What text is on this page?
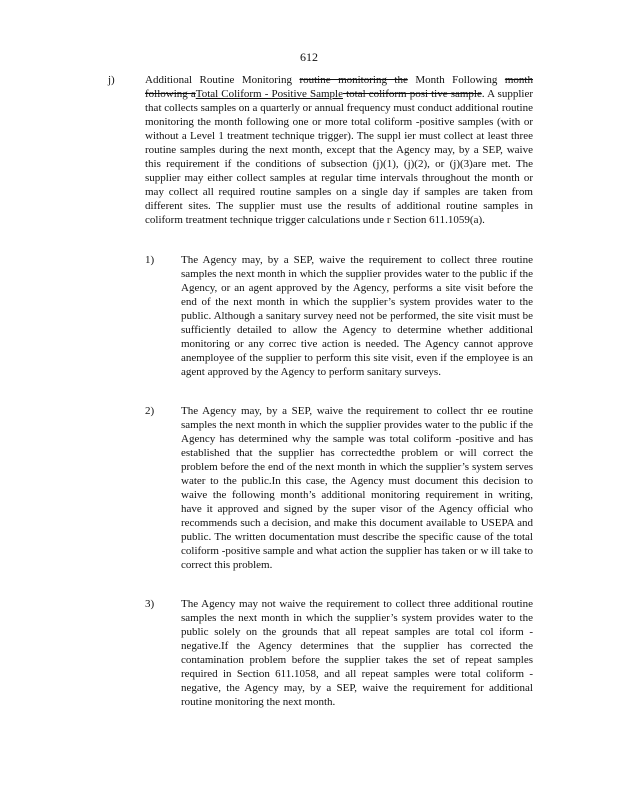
612
j)	Additional Routine Monitoring routine monitoring the Month Following month following aTotal Coliform - Positive Sample total coliform posi tive sample. A supplier that collects samples on a quarterly or annual frequency must conduct additional routine monitoring the month following one or more total coliform -positive samples (with or without a Level 1 treatment technique trigger). The suppl ier must collect at least three routine samples during the next month, except that the Agency may, by a SEP, waive this requirement if the conditions of subsection (j)(1), (j)(2), or (j)(3)are met. The supplier may either collect samples at regular time intervals throughout the month or may collect all required routine samples on a single day if samples are taken from different sites. The supplier must use the results of additional routine samples in coliform treatment technique trigger calculations unde r Section 611.1059(a).
1) The Agency may, by a SEP, waive the requirement to collect three routine samples the next month in which the supplier provides water to the public if the Agency, or an agent approved by the Agency, performs a site visit before the end of the next month in which the supplier’s system provides water to the public. Although a sanitary survey need not be performed, the site visit must be sufficiently detailed to allow the Agency to determine whether additional monitoring or any correc tive action is needed. The Agency cannot approve anemployee of the supplier to perform this site visit, even if the employee is an agent approved by the Agency to perform sanitary surveys.

2) The Agency may, by a SEP, waive the requirement to collect thr ee routine samples the next month in which the supplier provides water to the public if the Agency has determined why the sample was total coliform -positive and has established that the supplier has correctedthe problem or will correct the problem before the end of the next month in which the supplier’s system serves water to the public.In this case, the Agency must document this decision to waive the following month’s additional monitoring requirement in writing, have it approved and signed by the super visor of the Agency official who recommends such a decision, and make this document available to USEPA and public. The written documentation must describe the specific cause of the total coliform -positive sample and what action the supplier has taken or w ill take to correct this problem.

3) The Agency may not waive the requirement to collect three additional routine samples the next month in which the supplier’s system provides water to the public solely on the grounds that all repeat samples are total col iform -negative.If the Agency determines that the supplier has corrected the contamination problem before the supplier takes the set of repeat samples required in Section 611.1058, and all repeat samples were total coliform -negative, the Agency may, by a SEP, waive the requirement for additional routine monitoring the next month.
